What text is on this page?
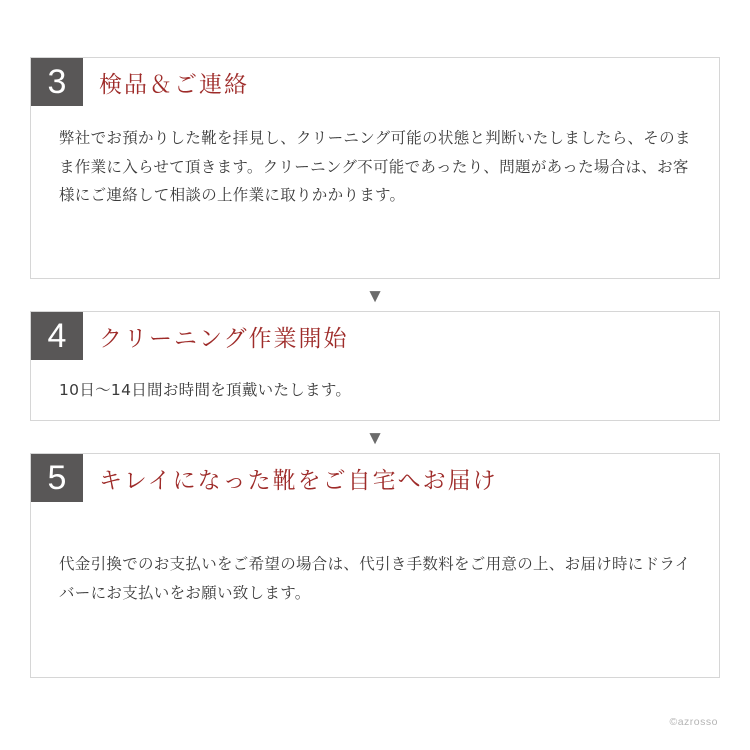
3	検品＆ご連絡

弊社でお預かりした靴を拝見し、クリーニング可能の状態と判断いたしましたら、そのまま作業に入らせて頂きます。クリーニング不可能であったり、問題があった場合は、お客様にご連絡して相談の上作業に取りかかります。

▼
4	クリーニング作業開始

10日〜14日間お時間を頂戴いたします。

▼
5	キレイになった靴をご自宅へお届け

代金引換でのお支払いをご希望の場合は、代引き手数料をご用意の上、お届け時にドライバーにお支払いをお願い致します。

©azrosso
